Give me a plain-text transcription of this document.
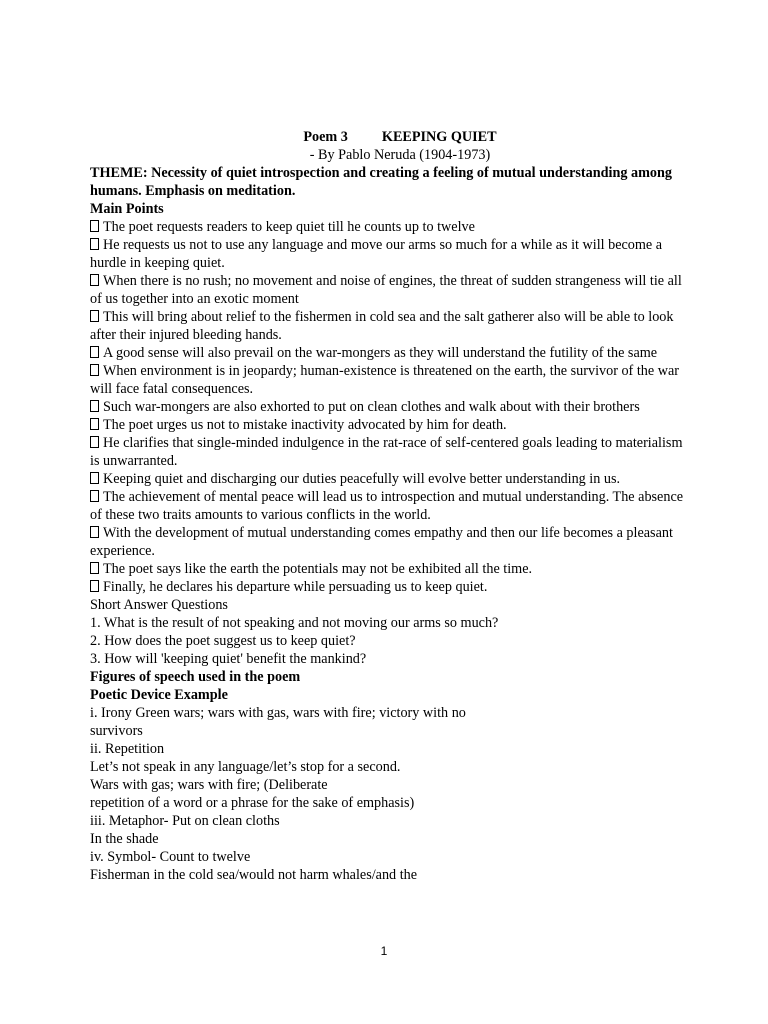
Poem 3 KEEPING QUIET
- By Pablo Neruda (1904-1973)

THEME: Necessity of quiet introspection and creating a feeling of mutual understanding among humans. Emphasis on meditation.

Main Points

The poet requests readers to keep quiet till he counts up to twelve

He requests us not to use any language and move our arms so much for a while as it will become a hurdle in keeping quiet.

When there is no rush; no movement and noise of engines, the threat of sudden strangeness will tie all of us together into an exotic moment

This will bring about relief to the fishermen in cold sea and the salt gatherer also will be able to look after their injured bleeding hands.

A good sense will also prevail on the war-mongers as they will understand the futility of the same

When environment is in jeopardy; human-existence is threatened on the earth, the survivor of the war will face fatal consequences.

Such war-mongers are also exhorted to put on clean clothes and walk about with their brothers

The poet urges us not to mistake inactivity advocated by him for death.

He clarifies that single-minded indulgence in the rat-race of self-centered goals leading to materialism is unwarranted.

Keeping quiet and discharging our duties peacefully will evolve better understanding in us.

The achievement of mental peace will lead us to introspection and mutual understanding. The absence of these two traits amounts to various conflicts in the world.

With the development of mutual understanding comes empathy and then our life becomes a pleasant experience.

The poet says like the earth the potentials may not be exhibited all the time.

Finally, he declares his departure while persuading us to keep quiet.

Short Answer Questions

1. What is the result of not speaking and not moving our arms so much?

2. How does the poet suggest us to keep quiet?

3. How will 'keeping quiet' benefit the mankind?

Figures of speech used in the poem

Poetic Device Example

i. Irony Green wars; wars with gas, wars with fire; victory with no

survivors

ii. Repetition

Let’s not speak in any language/let’s stop for a second.

Wars with gas; wars with fire; (Deliberate

repetition of a word or a phrase for the sake of emphasis)

iii. Metaphor- Put on clean cloths

In the shade

iv. Symbol- Count to twelve

Fisherman in the cold sea/would not harm whales/and the

1
